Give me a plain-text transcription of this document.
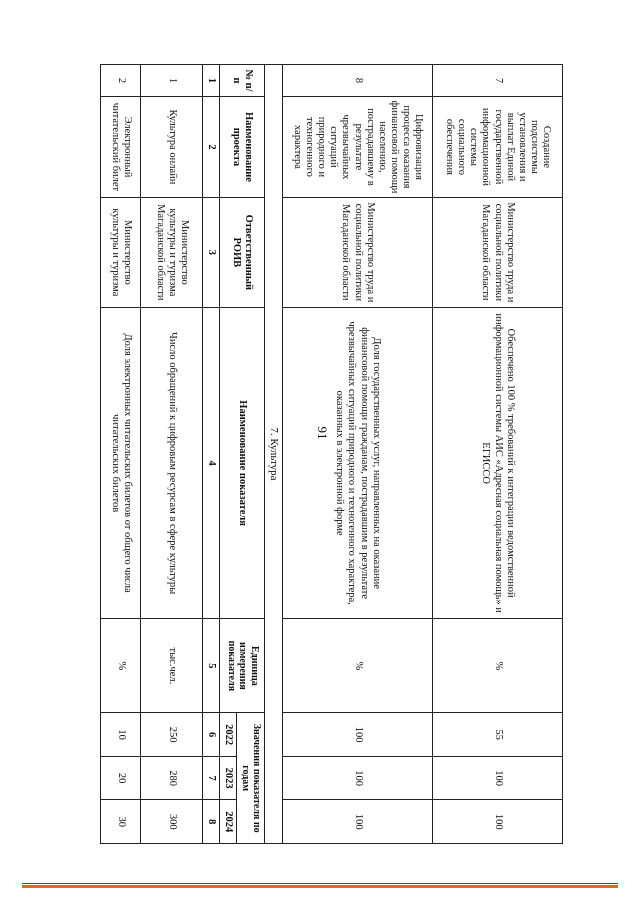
91
7	Создание подсистемы установления и выплат Единой государственной информационной системы социального обеспечения	Министерство труда и социальной политики Магаданской области	Обеспечено 100 % требований к интеграции ведомственной информационной системы АИС «Адресная социальная помощь» и ЕГИССО	%	55	100	100
8	Цифровизация процесса оказания финансовой помощи населению, пострадавшему в результате чрезвычайных ситуаций природного и техногенного характера	Министерство труда и социальной политики Магаданской области	Доля государственных услуг, направленных на оказание финансовой помощи гражданам, пострадавшим в результате чрезвычайных ситуаций природного и техногенного характера, оказанных в электронной форме	%	100	100	100
7. Культура							
№ п/п	Наименование проекта	Ответственный РОИВ	Наименование показателя	Единица измерения показателя	Значения показателя по годам		
					2022	2023	2024
1	2	3	4	5	6	7	8
1	Культура онлайн	Министерство культуры и туризма Магаданской области	Число обращений к цифровым ресурсам в сфере культуры	тыс.чел.	250	280	300
2	Электронный читательский билет	Министерство культуры и туризма	Доля электронных читательских билетов от общего числа читательских билетов	%	10	20	30
